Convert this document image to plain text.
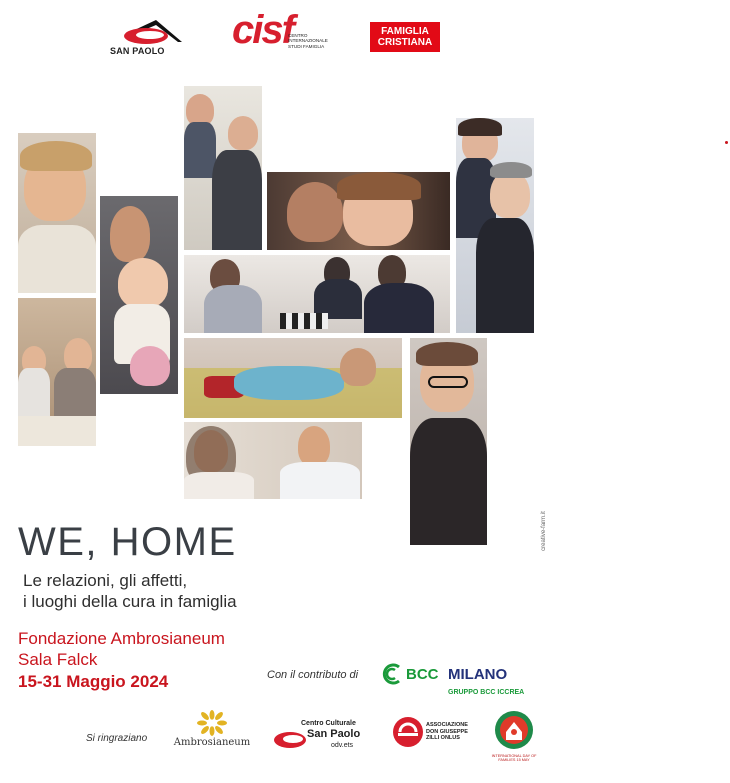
SAN PAOLO cisf
CENTRO INTERNAZIONALE STUDI FAMIGLIA
FAMIGLIA
CRISTIANA
WE, HOME
Le relazioni, gli affetti,
i luoghi della cura in famiglia
Fondazione Ambrosianeum
Sala Falck
15-31 Maggio 2024	Con il contributo di	BCC MILANO
GRUPPO BCC ICCREA
Si ringraziano	Ambrosianeum
Centro Culturale
San Paolo
odv.ets
ASSOCIAZIONE DON GIUSEPPE ZILLI ONLUS
INTERNATIONAL DAY OF FAMILIES 15 MAY
creative-farm.it
